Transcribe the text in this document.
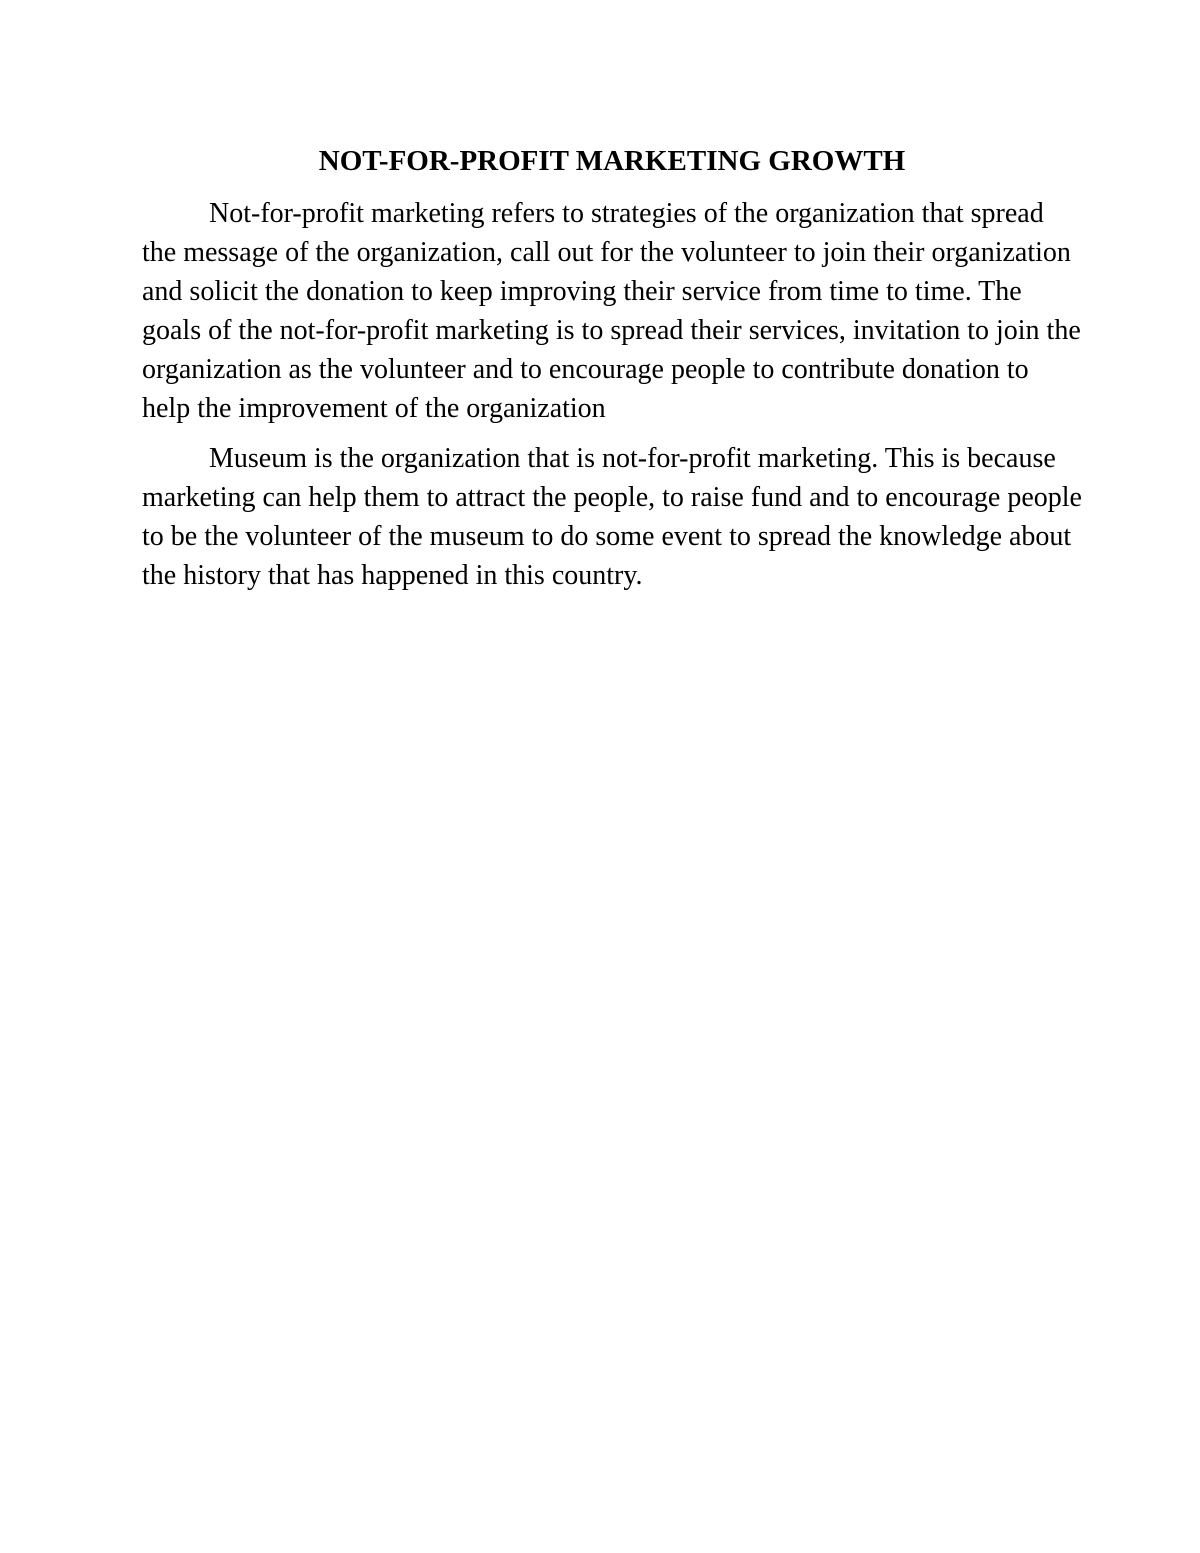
NOT-FOR-PROFIT MARKETING GROWTH

Not-for-profit marketing refers to strategies of the organization that spread the message of the organization, call out for the volunteer to join their organization and solicit the donation to keep improving their service from time to time. The goals of the not-for-profit marketing is to spread their services, invitation to join the organization as the volunteer and to encourage people to contribute donation to help the improvement of the organization

Museum is the organization that is not-for-profit marketing. This is because marketing can help them to attract the people, to raise fund and to encourage people to be the volunteer of the museum to do some event to spread the knowledge about the history that has happened in this country.
